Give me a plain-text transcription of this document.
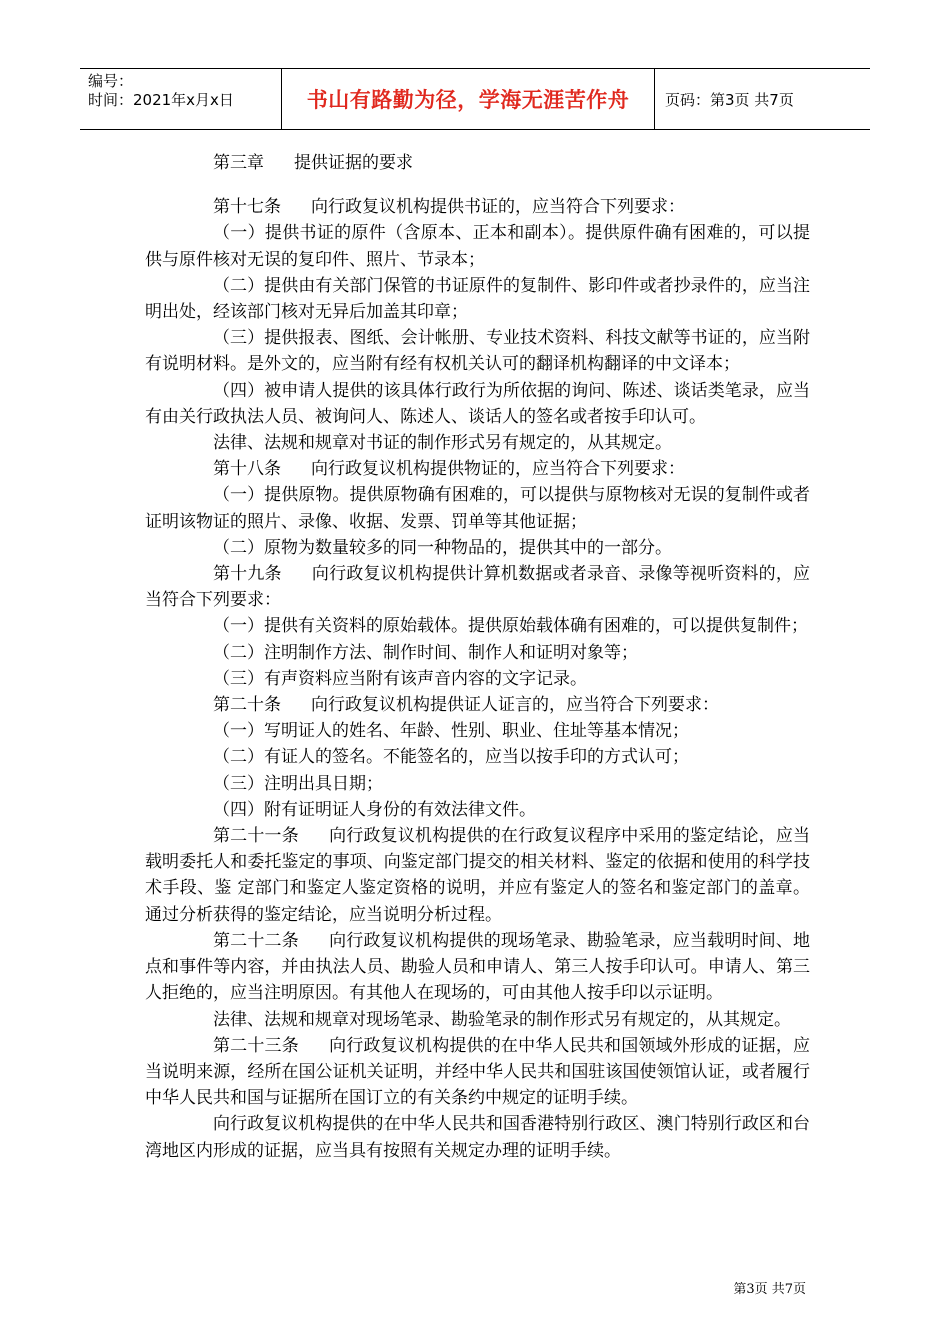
编号：
时间：2021年x月x日	书山有路勤为径，学海无涯苦作舟 页码：第3页 共7页

第三章 提供证据的要求

第十七条 向行政复议机构提供书证的，应当符合下列要求：

（一）提供书证的原件（含原本、正本和副本）。提供原件确有困难的，可以提供与原件核对无误的复印件、照片、节录本；

（二）提供由有关部门保管的书证原件的复制件、影印件或者抄录件的，应当注明出处，经该部门核对无异后加盖其印章；

（三）提供报表、图纸、会计帐册、专业技术资料、科技文献等书证的，应当附有说明材料。是外文的，应当附有经有权机关认可的翻译机构翻译的中文译本；

（四）被申请人提供的该具体行政行为所依据的询问、陈述、谈话类笔录，应当有由关行政执法人员、被询问人、陈述人、谈话人的签名或者按手印认可。

法律、法规和规章对书证的制作形式另有规定的，从其规定。

第十八条 向行政复议机构提供物证的，应当符合下列要求：

（一）提供原物。提供原物确有困难的，可以提供与原物核对无误的复制件或者证明该物证的照片、录像、收据、发票、罚单等其他证据；

（二）原物为数量较多的同一种物品的，提供其中的一部分。

第十九条 向行政复议机构提供计算机数据或者录音、录像等视听资料的，应当符合下列要求：

（一）提供有关资料的原始载体。提供原始载体确有困难的，可以提供复制件；

（二）注明制作方法、制作时间、制作人和证明对象等；

（三）有声资料应当附有该声音内容的文字记录。

第二十条 向行政复议机构提供证人证言的，应当符合下列要求：

（一）写明证人的姓名、年龄、性别、职业、住址等基本情况；

（二）有证人的签名。不能签名的，应当以按手印的方式认可；

（三）注明出具日期；

（四）附有证明证人身份的有效法律文件。

第二十一条 向行政复议机构提供的在行政复议程序中采用的鉴定结论，应当载明委托人和委托鉴定的事项、向鉴定部门提交的相关材料、鉴定的依据和使用的科学技术手段、鉴 定部门和鉴定人鉴定资格的说明，并应有鉴定人的签名和鉴定部门的盖章。通过分析获得的鉴定结论，应当说明分析过程。

第二十二条 向行政复议机构提供的现场笔录、勘验笔录，应当载明时间、地点和事件等内容，并由执法人员、勘验人员和申请人、第三人按手印认可。申请人、第三人拒绝的，应当注明原因。有其他人在现场的，可由其他人按手印以示证明。

法律、法规和规章对现场笔录、勘验笔录的制作形式另有规定的，从其规定。

第二十三条 向行政复议机构提供的在中华人民共和国领域外形成的证据，应当说明来源，经所在国公证机关证明，并经中华人民共和国驻该国使领馆认证，或者履行中华人民共和国与证据所在国订立的有关条约中规定的证明手续。

向行政复议机构提供的在中华人民共和国香港特别行政区、澳门特别行政区和台湾地区内形成的证据，应当具有按照有关规定办理的证明手续。

第3页 共7页
